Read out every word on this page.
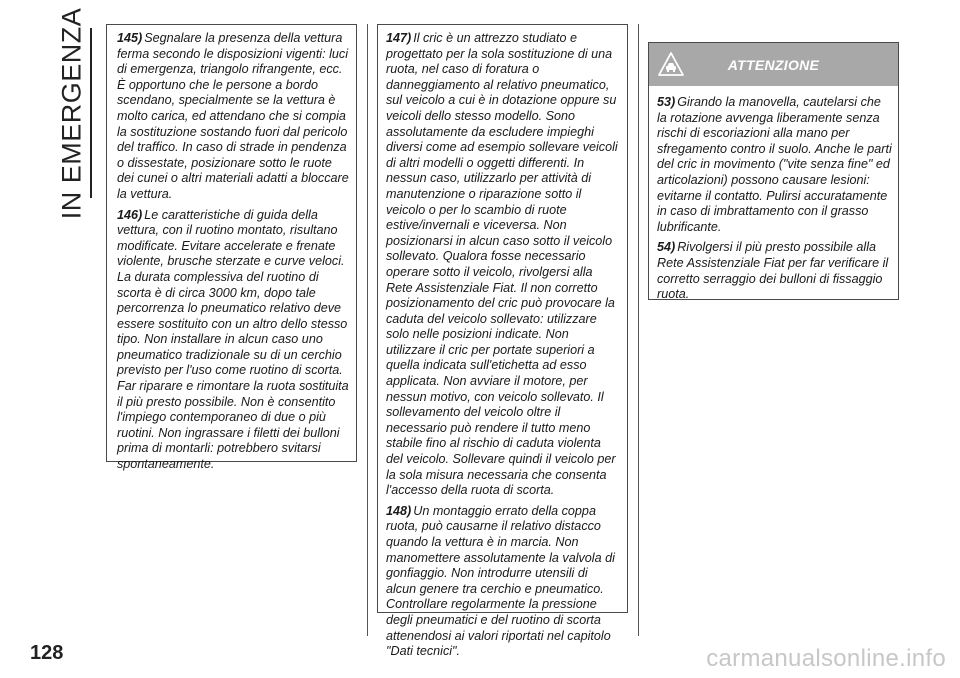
IN EMERGENZA 145) Segnalare la presenza della vettura ferma secondo le disposizioni vigenti: luci di emergenza, triangolo rifrangente, ecc. È opportuno che le persone a bordo scendano, specialmente se la vettura è molto carica, ed attendano che si compia la sostituzione sostando fuori dal pericolo del traffico. In caso di strade in pendenza o dissestate, posizionare sotto le ruote dei cunei o altri materiali adatti a bloccare la vettura.

146) Le caratteristiche di guida della vettura, con il ruotino montato, risultano modificate. Evitare accelerate e frenate violente, brusche sterzate e curve veloci. La durata complessiva del ruotino di scorta è di circa 3000 km, dopo tale percorrenza lo pneumatico relativo deve essere sostituito con un altro dello stesso tipo. Non installare in alcun caso uno pneumatico tradizionale su di un cerchio previsto per l'uso come ruotino di scorta. Far riparare e rimontare la ruota sostituita il più presto possibile. Non è consentito l'impiego contemporaneo di due o più ruotini. Non ingrassare i filetti dei bulloni prima di montarli: potrebbero svitarsi spontaneamente.

147) Il cric è un attrezzo studiato e progettato per la sola sostituzione di una ruota, nel caso di foratura o danneggiamento al relativo pneumatico, sul veicolo a cui è in dotazione oppure su veicoli dello stesso modello. Sono assolutamente da escludere impieghi diversi come ad esempio sollevare veicoli di altri modelli o oggetti differenti. In nessun caso, utilizzarlo per attività di manutenzione o riparazione sotto il veicolo o per lo scambio di ruote estive/invernali e viceversa. Non posizionarsi in alcun caso sotto il veicolo sollevato. Qualora fosse necessario operare sotto il veicolo, rivolgersi alla Rete Assistenziale Fiat. Il non corretto posizionamento del cric può provocare la caduta del veicolo sollevato: utilizzare solo nelle posizioni indicate. Non utilizzare il cric per portate superiori a quella indicata sull'etichetta ad esso applicata. Non avviare il motore, per nessun motivo, con veicolo sollevato. Il sollevamento del veicolo oltre il necessario può rendere il tutto meno stabile fino al rischio di caduta violenta del veicolo. Sollevare quindi il veicolo per la sola misura necessaria che consenta l'accesso della ruota di scorta.

148) Un montaggio errato della coppa ruota, può causarne il relativo distacco quando la vettura è in marcia. Non manomettere assolutamente la valvola di gonfiaggio. Non introdurre utensili di alcun genere tra cerchio e pneumatico. Controllare regolarmente la pressione degli pneumatici e del ruotino di scorta attenendosi ai valori riportati nel capitolo "Dati tecnici".

ATTENZIONE

53) Girando la manovella, cautelarsi che la rotazione avvenga liberamente senza rischi di escoriazioni alla mano per sfregamento contro il suolo. Anche le parti del cric in movimento ("vite senza fine" ed articolazioni) possono causare lesioni: evitarne il contatto. Pulirsi accuratamente in caso di imbrattamento con il grasso lubrificante.

54) Rivolgersi il più presto possibile alla Rete Assistenziale Fiat per far verificare il corretto serraggio dei bulloni di fissaggio ruota.

128	carmanualsonline.info
